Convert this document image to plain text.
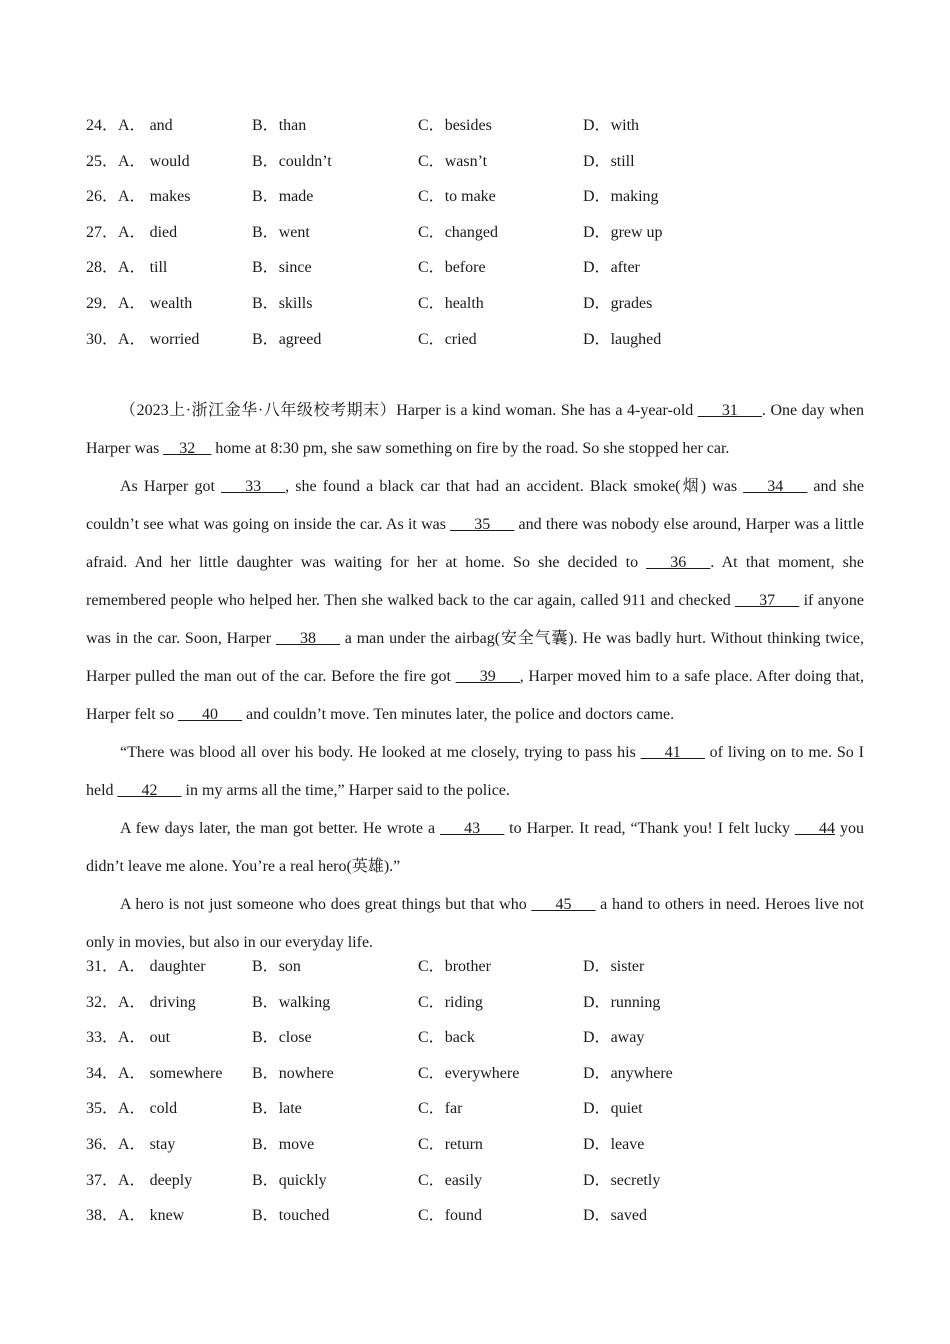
24．A． and	B．than	C．besides	D．with
25．A． would	B．couldn’t	C．wasn’t	D．still
26．A． makes	B．made	C．to make	D．making
27．A． died	B．went	C．changed	D．grew up
28．A． till	B．since	C．before	D．after
29．A． wealth	B．skills	C．health	D．grades
30．A． worried	B．agreed	C．cried	D．laughed

（2023上·浙江金华·八年级校考期末）Harper is a kind woman. She has a 4-year-old ___31___. One day when Harper was __32__ home at 8:30 pm, she saw something on fire by the road. So she stopped her car.

As Harper got ___33___, she found a black car that had an accident. Black smoke(烟) was ___34___ and she couldn’t see what was going on inside the car. As it was ___35___ and there was nobody else around, Harper was a little afraid. And her little daughter was waiting for her at home. So she decided to ___36___. At that moment, she remembered people who helped her. Then she walked back to the car again, called 911 and checked ___37___ if anyone was in the car. Soon, Harper ___38___ a man under the airbag(安全气囊). He was badly hurt. Without thinking twice, Harper pulled the man out of the car. Before the fire got ___39___, Harper moved him to a safe place. After doing that, Harper felt so ___40___ and couldn’t move. Ten minutes later, the police and doctors came.

“There was blood all over his body. He looked at me closely, trying to pass his ___41___ of living on to me. So I held ___42___ in my arms all the time,” Harper said to the police.

A few days later, the man got better. He wrote a ___43___ to Harper. It read, “Thank you! I felt lucky ___44 you didn’t leave me alone. You’re a real hero(英雄).”

A hero is not just someone who does great things but that who ___45___ a hand to others in need. Heroes live not only in movies, but also in our everyday life.

31．A． daughter	B．son	C．brother	D．sister
32．A． driving	B．walking	C．riding	D．running
33．A． out	B．close	C．back	D．away
34．A． somewhere B．nowhere	C．everywhere	D．anywhere
35．A． cold	B．late	C．far	D．quiet
36．A． stay	B．move	C．return	D．leave
37．A． deeply	B．quickly	C．easily	D．secretly
38．A． knew	B．touched	C．found	D．saved
